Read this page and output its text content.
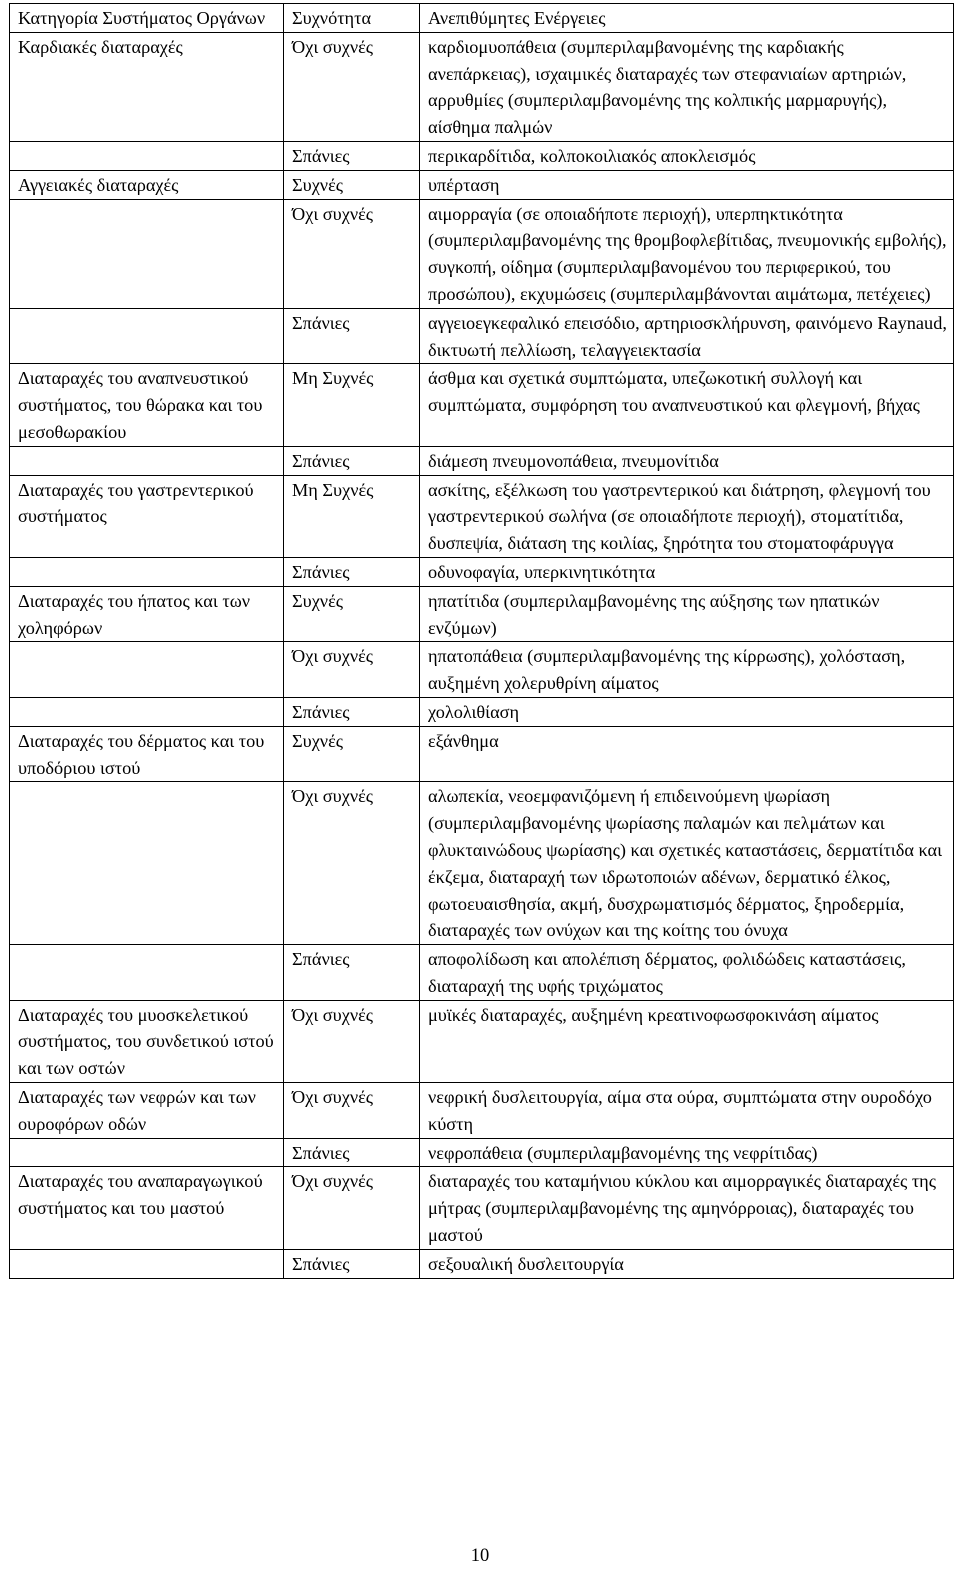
Κατηγορία Συστήματος Οργάνων	Συχνότητα	Ανεπιθύμητες Ενέργειες
Καρδιακές διαταραχές	Όχι συχνές	καρδιομυοπάθεια (συμπεριλαμβανομένης της καρδιακής ανεπάρκειας), ισχαιμικές διαταραχές των στεφανιαίων αρτηριών, αρρυθμίες (συμπεριλαμβανομένης της κολπικής μαρμαρυγής), αίσθημα παλμών
	Σπάνιες	περικαρδίτιδα, κολποκοιλιακός αποκλεισμός
Αγγειακές διαταραχές	Συχνές	υπέρταση
	Όχι συχνές	αιμορραγία (σε οποιαδήποτε περιοχή), υπερπηκτικότητα (συμπεριλαμβανομένης της θρομβοφλεβίτιδας, πνευμονικής εμβολής), συγκοπή, οίδημα (συμπεριλαμβανομένου του περιφερικού, του προσώπου), εκχυμώσεις (συμπεριλαμβάνονται αιμάτωμα, πετέχειες)
	Σπάνιες	αγγειοεγκεφαλικό επεισόδιο, αρτηριοσκλήρυνση, φαινόμενο Raynaud, δικτυωτή πελλίωση, τελαγγειεκτασία
Διαταραχές του αναπνευστικού συστήματος, του θώρακα και του μεσοθωρακίου	Μη Συχνές	άσθμα και σχετικά συμπτώματα, υπεζωκοτική συλλογή και συμπτώματα, συμφόρηση του αναπνευστικού και φλεγμονή, βήχας
	Σπάνιες	διάμεση πνευμονοπάθεια, πνευμονίτιδα
Διαταραχές του γαστρεντερικού συστήματος	Μη Συχνές	ασκίτης, εξέλκωση του γαστρεντερικού και διάτρηση, φλεγμονή του γαστρεντερικού σωλήνα (σε οποιαδήποτε περιοχή), στοματίτιδα, δυσπεψία, διάταση της κοιλίας, ξηρότητα του στοματοφάρυγγα
	Σπάνιες	οδυνοφαγία, υπερκινητικότητα
Διαταραχές του ήπατος και των χοληφόρων	Συχνές	ηπατίτιδα (συμπεριλαμβανομένης της αύξησης των ηπατικών ενζύμων)
	Όχι συχνές	ηπατοπάθεια (συμπεριλαμβανομένης της κίρρωσης), χολόσταση, αυξημένη χολερυθρίνη αίματος
	Σπάνιες	χολολιθίαση
Διαταραχές του δέρματος και του υποδόριου ιστού	Συχνές	εξάνθημα
	Όχι συχνές	αλωπεκία, νεοεμφανιζόμενη ή επιδεινούμενη ψωρίαση (συμπεριλαμβανομένης ψωρίασης παλαμών και πελμάτων και φλυκταινώδους ψωρίασης) και σχετικές καταστάσεις, δερματίτιδα και έκζεμα, διαταραχή των ιδρωτοποιών αδένων, δερματικό έλκος, φωτοευαισθησία, ακμή, δυσχρωματισμός δέρματος, ξηροδερμία, διαταραχές των ονύχων και της κοίτης του όνυχα
	Σπάνιες	αποφολίδωση και απολέπιση δέρματος, φολιδώδεις καταστάσεις, διαταραχή της υφής τριχώματος
Διαταραχές του μυοσκελετικού συστήματος, του συνδετικού ιστού και των οστών	Όχι συχνές	μυϊκές διαταραχές, αυξημένη κρεατινοφωσφοκινάση αίματος
Διαταραχές των νεφρών και των ουροφόρων οδών	Όχι συχνές	νεφρική δυσλειτουργία, αίμα στα ούρα, συμπτώματα στην ουροδόχο κύστη
	Σπάνιες	νεφροπάθεια (συμπεριλαμβανομένης της νεφρίτιδας)
Διαταραχές του αναπαραγωγικού συστήματος και του μαστού	Όχι συχνές	διαταραχές του καταμήνιου κύκλου και αιμορραγικές διαταραχές της μήτρας (συμπεριλαμβανομένης της αμηνόρροιας), διαταραχές του μαστού
	Σπάνιες	σεξουαλική δυσλειτουργία
10
